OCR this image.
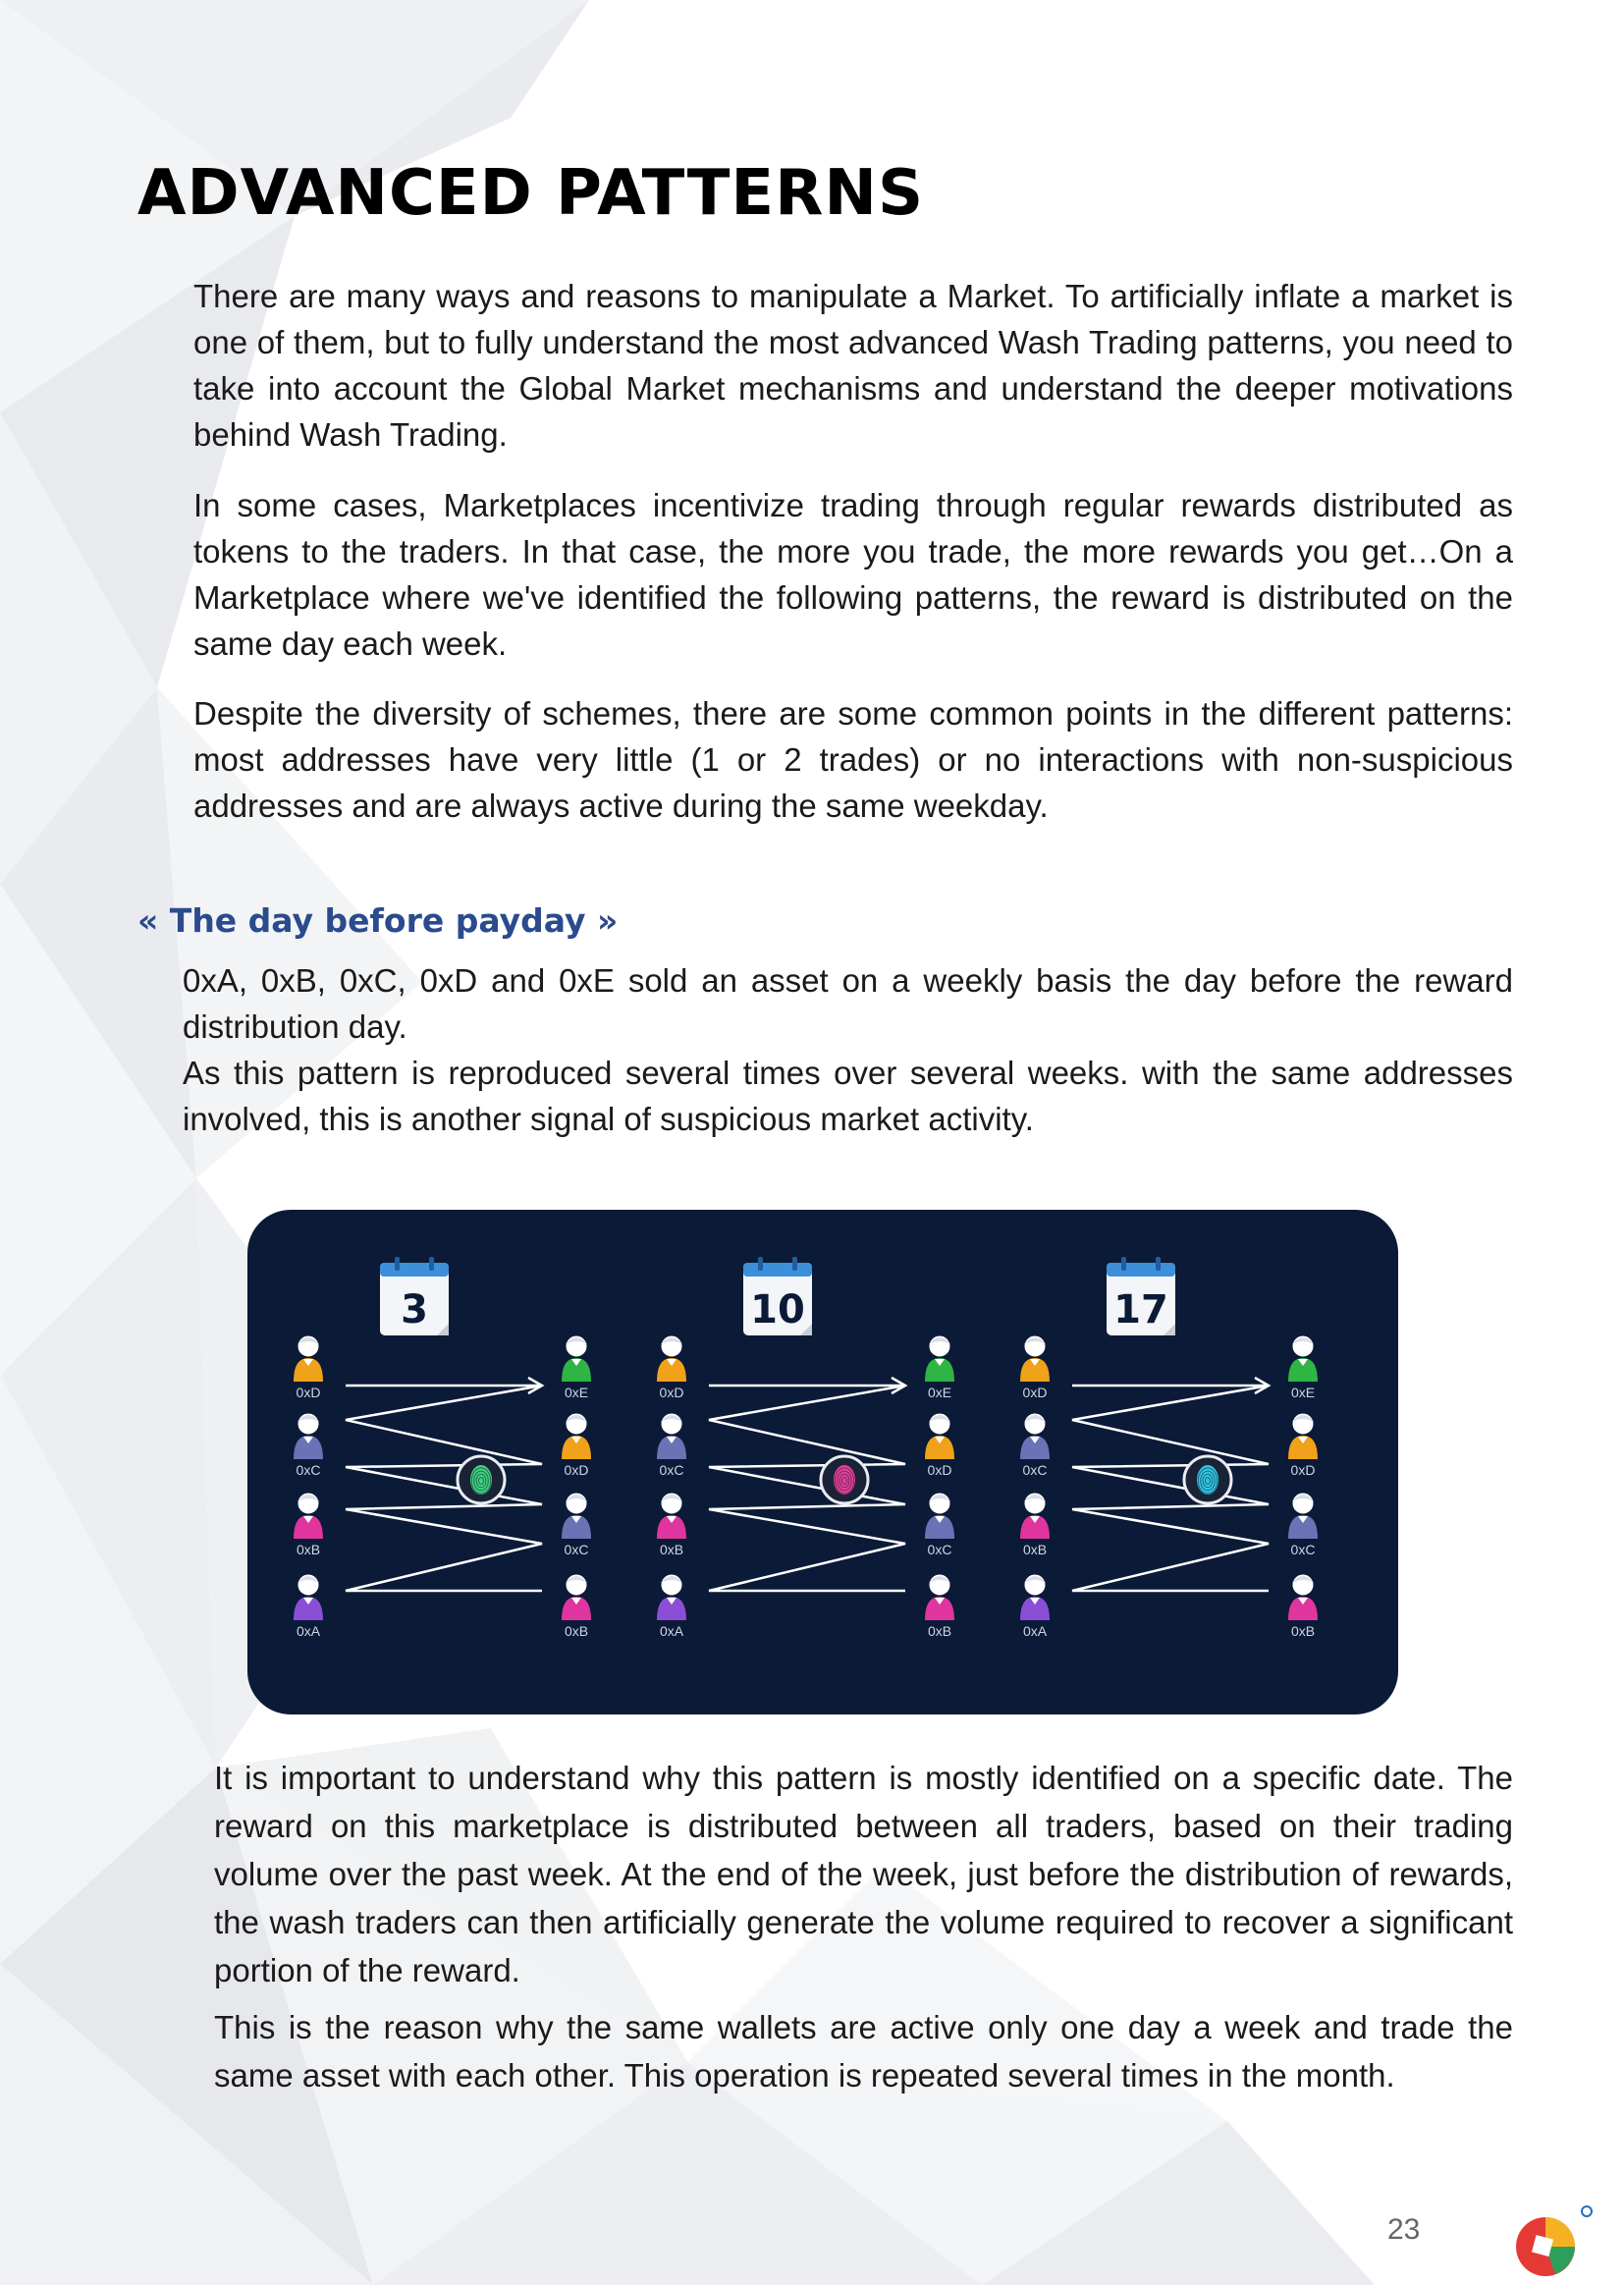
ADVANCED PATTERNS

There are many ways and reasons to manipulate a Market. To artificially inflate a market is one of them, but to fully understand the most advanced Wash Trading patterns, you need to take into account the Global Market mechanisms and understand the deeper motivations behind Wash Trading.

In some cases, Marketplaces incentivize trading through regular rewards distributed as tokens to the traders. In that case, the more you trade, the more rewards you get…On a Marketplace where we've identified the following patterns, the reward is distributed on the same day each week.

Despite the diversity of schemes, there are some common points in the different patterns: most addresses have very little (1 or 2 trades) or no interactions with non-suspicious addresses and are always active during the same weekday.

« The day before payday »

0xA, 0xB, 0xC, 0xD and 0xE sold an asset on a weekly basis the day before the reward distribution day.

As this pattern is reproduced several times over several weeks. with the same addresses involved, this is another signal of suspicious market activity.

3
0xD
0xC
0xB
0xA
0xE
0xD
0xC
0xB
10
0xD
0xC
0xB
0xA
0xE
0xD
0xC
0xB
17
0xD
0xC
0xB
0xA
0xE
0xD
0xC
0xB

It is important to understand why this pattern is mostly identified on a specific date. The reward on this marketplace is distributed between all traders, based on their trading volume over the past week. At the end of the week, just before the distribution of rewards, the wash traders can then artificially generate the volume required to recover a significant portion of the reward.

This is the reason why the same wallets are active only one day a week and trade the same asset with each other. This operation is repeated several times in the month.

23
